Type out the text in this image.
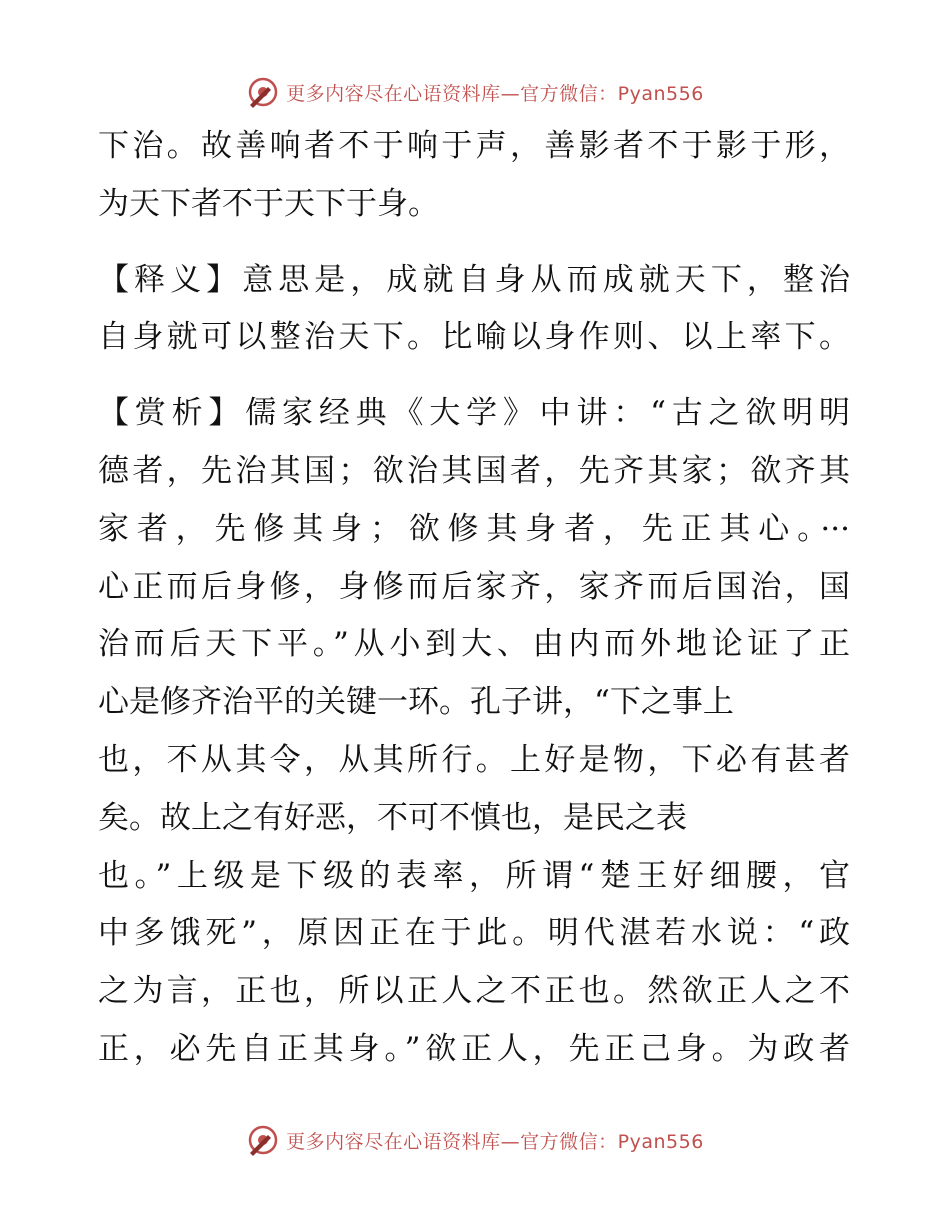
更多内容尽在心语资料库—官方微信：Pyan556
下治。故善响者不于响于声，善影者不于影于形，
为天下者不于天下于身。
【释义】意思是，成就自身从而成就天下，整治
自身就可以整治天下。比喻以身作则、以上率下。
【赏析】儒家经典《大学》中讲：“古之欲明明
德者，先治其国；欲治其国者，先齐其家；欲齐其
家者，先修其身；欲修其身者，先正其心。···
心正而后身修，身修而后家齐，家齐而后国治，国
治而后天下平。”从小到大、由内而外地论证了正
心是修齐治平的关键一环。孔子讲，“下之事上
也，不从其令，从其所行。上好是物，下必有甚者
矣。故上之有好恶，不可不慎也，是民之表
也。”上级是下级的表率，所谓“楚王好细腰，官
中多饿死”，原因正在于此。明代湛若水说：“政
之为言，正也，所以正人之不正也。然欲正人之不
正，必先自正其身。”欲正人，先正己身。为政者
更多内容尽在心语资料库—官方微信：Pyan556
